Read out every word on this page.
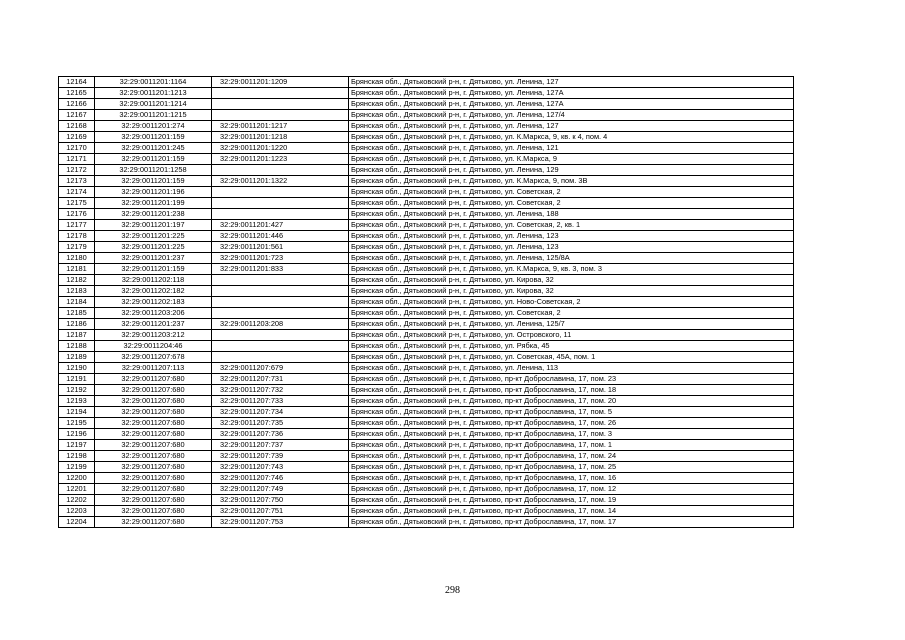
12164	32:29:0011201:1164	32:29:0011201:1209	Брянская обл., Дятьковский р-н, г. Дятьково, ул. Ленина, 127
12165	32:29:0011201:1213		Брянская обл., Дятьковский р-н, г. Дятьково, ул. Ленина, 127А
12166	32:29:0011201:1214		Брянская обл., Дятьковский р-н, г. Дятьково, ул. Ленина, 127А
12167	32:29:0011201:1215		Брянская обл., Дятьковский р-н, г. Дятьково, ул. Ленина, 127/4
12168	32:29:0011201:274	32:29:0011201:1217	Брянская обл., Дятьковский р-н, г. Дятьково, ул. Ленина, 127
12169	32:29:0011201:159	32:29:0011201:1218	Брянская обл., Дятьковский р-н, г. Дятьково, ул. К.Маркса, 9, кв. к 4, пом. 4
12170	32:29:0011201:245	32:29:0011201:1220	Брянская обл., Дятьковский р-н, г. Дятьково, ул. Ленина, 121
12171	32:29:0011201:159	32:29:0011201:1223	Брянская обл., Дятьковский р-н, г. Дятьково, ул. К.Маркса, 9
12172	32:29:0011201:1258		Брянская обл., Дятьковский р-н, г. Дятьково, ул. Ленина, 129
12173	32:29:0011201:159	32:29:0011201:1322	Брянская обл., Дятьковский р-н, г. Дятьково, ул. К.Маркса, 9, пом. 3В
12174	32:29:0011201:196		Брянская обл., Дятьковский р-н, г. Дятьково, ул. Советская, 2
12175	32:29:0011201:199		Брянская обл., Дятьковский р-н, г. Дятьково, ул. Советская, 2
12176	32:29:0011201:238		Брянская обл., Дятьковский р-н, г. Дятьково, ул. Ленина, 188
12177	32:29:0011201:197	32:29:0011201:427	Брянская обл., Дятьковский р-н, г. Дятьково, ул. Советская, 2, кв. 1
12178	32:29:0011201:225	32:29:0011201:446	Брянская обл., Дятьковский р-н, г. Дятьково, ул. Ленина, 123
12179	32:29:0011201:225	32:29:0011201:561	Брянская обл., Дятьковский р-н, г. Дятьково, ул. Ленина, 123
12180	32:29:0011201:237	32:29:0011201:723	Брянская обл., Дятьковский р-н, г. Дятьково, ул. Ленина, 125/8А
12181	32:29:0011201:159	32:29:0011201:833	Брянская обл., Дятьковский р-н, г. Дятьково, ул. К.Маркса, 9, кв. 3, пом. 3
12182	32:29:0011202:118		Брянская обл., Дятьковский р-н, г. Дятьково, ул. Кирова, 32
12183	32:29:0011202:182		Брянская обл., Дятьковский р-н, г. Дятьково, ул. Кирова, 32
12184	32:29:0011202:183		Брянская обл., Дятьковский р-н, г. Дятьково, ул. Ново-Советская, 2
12185	32:29:0011203:206		Брянская обл., Дятьковский р-н, г. Дятьково, ул. Советская, 2
12186	32:29:0011201:237	32:29:0011203:208	Брянская обл., Дятьковский р-н, г. Дятьково, ул. Ленина, 125/7
12187	32:29:0011203:212		Брянская обл., Дятьковский р-н, г. Дятьково, ул. Островского, 11
12188	32:29:0011204:46		Брянская обл., Дятьковский р-н, г. Дятьково, ул. Рябка, 45
12189	32:29:0011207:678		Брянская обл., Дятьковский р-н, г. Дятьково, ул. Советская, 45А, пом. 1
12190	32:29:0011207:113	32:29:0011207:679	Брянская обл., Дятьковский р-н, г. Дятьково, ул. Ленина, 113
12191	32:29:0011207:680	32:29:0011207:731	Брянская обл., Дятьковский р-н, г. Дятьково, пр-кт Доброславина, 17, пом. 23
12192	32:29:0011207:680	32:29:0011207:732	Брянская обл., Дятьковский р-н, г. Дятьково, пр-кт Доброславина, 17, пом. 18
12193	32:29:0011207:680	32:29:0011207:733	Брянская обл., Дятьковский р-н, г. Дятьково, пр-кт Доброславина, 17, пом. 20
12194	32:29:0011207:680	32:29:0011207:734	Брянская обл., Дятьковский р-н, г. Дятьково, пр-кт Доброславина, 17, пом. 5
12195	32:29:0011207:680	32:29:0011207:735	Брянская обл., Дятьковский р-н, г. Дятьково, пр-кт Доброславина, 17, пом. 26
12196	32:29:0011207:680	32:29:0011207:736	Брянская обл., Дятьковский р-н, г. Дятьково, пр-кт Доброславина, 17, пом. 3
12197	32:29:0011207:680	32:29:0011207:737	Брянская обл., Дятьковский р-н, г. Дятьково, пр-кт Доброславина, 17, пом. 1
12198	32:29:0011207:680	32:29:0011207:739	Брянская обл., Дятьковский р-н, г. Дятьково, пр-кт Доброславина, 17, пом. 24
12199	32:29:0011207:680	32:29:0011207:743	Брянская обл., Дятьковский р-н, г. Дятьково, пр-кт Доброславина, 17, пом. 25
12200	32:29:0011207:680	32:29:0011207:746	Брянская обл., Дятьковский р-н, г. Дятьково, пр-кт Доброславина, 17, пом. 16
12201	32:29:0011207:680	32:29:0011207:749	Брянская обл., Дятьковский р-н, г. Дятьково, пр-кт Доброславина, 17, пом. 12
12202	32:29:0011207:680	32:29:0011207:750	Брянская обл., Дятьковский р-н, г. Дятьково, пр-кт Доброславина, 17, пом. 19
12203	32:29:0011207:680	32:29:0011207:751	Брянская обл., Дятьковский р-н, г. Дятьково, пр-кт Доброславина, 17, пом. 14
12204	32:29:0011207:680	32:29:0011207:753	Брянская обл., Дятьковский р-н, г. Дятьково, пр-кт Доброславина, 17, пом. 17
298
